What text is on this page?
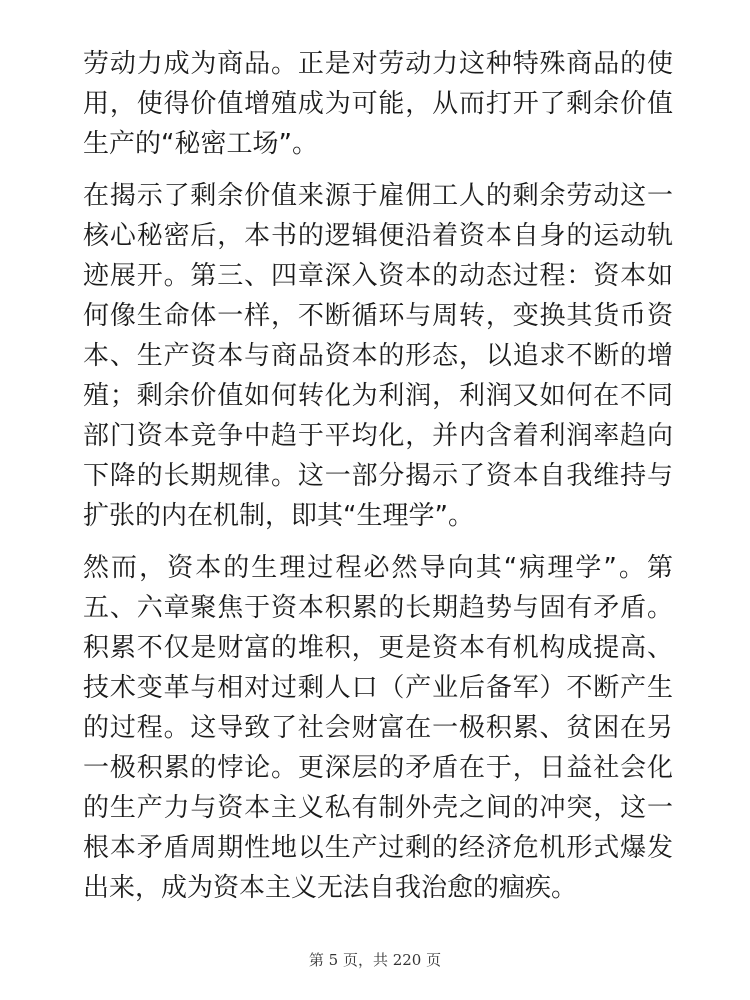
劳动力成为商品。正是对劳动力这种特殊商品的使用，使得价值增殖成为可能，从而打开了剩余价值生产的“秘密工场”。

在揭示了剩余价值来源于雇佣工人的剩余劳动这一核心秘密后，本书的逻辑便沿着资本自身的运动轨迹展开。第三、四章深入资本的动态过程：资本如何像生命体一样，不断循环与周转，变换其货币资本、生产资本与商品资本的形态，以追求不断的增殖；剩余价值如何转化为利润，利润又如何在不同部门资本竞争中趋于平均化，并内含着利润率趋向下降的长期规律。这一部分揭示了资本自我维持与扩张的内在机制，即其“生理学”。

然而，资本的生理过程必然导向其“病理学”。第五、六章聚焦于资本积累的长期趋势与固有矛盾。积累不仅是财富的堆积，更是资本有机构成提高、技术变革与相对过剩人口（产业后备军）不断产生的过程。这导致了社会财富在一极积累、贫困在另一极积累的悖论。更深层的矛盾在于，日益社会化的生产力与资本主义私有制外壳之间的冲突，这一根本矛盾周期性地以生产过剩的经济危机形式爆发出来，成为资本主义无法自我治愈的痼疾。

第 5 页，共 220 页
